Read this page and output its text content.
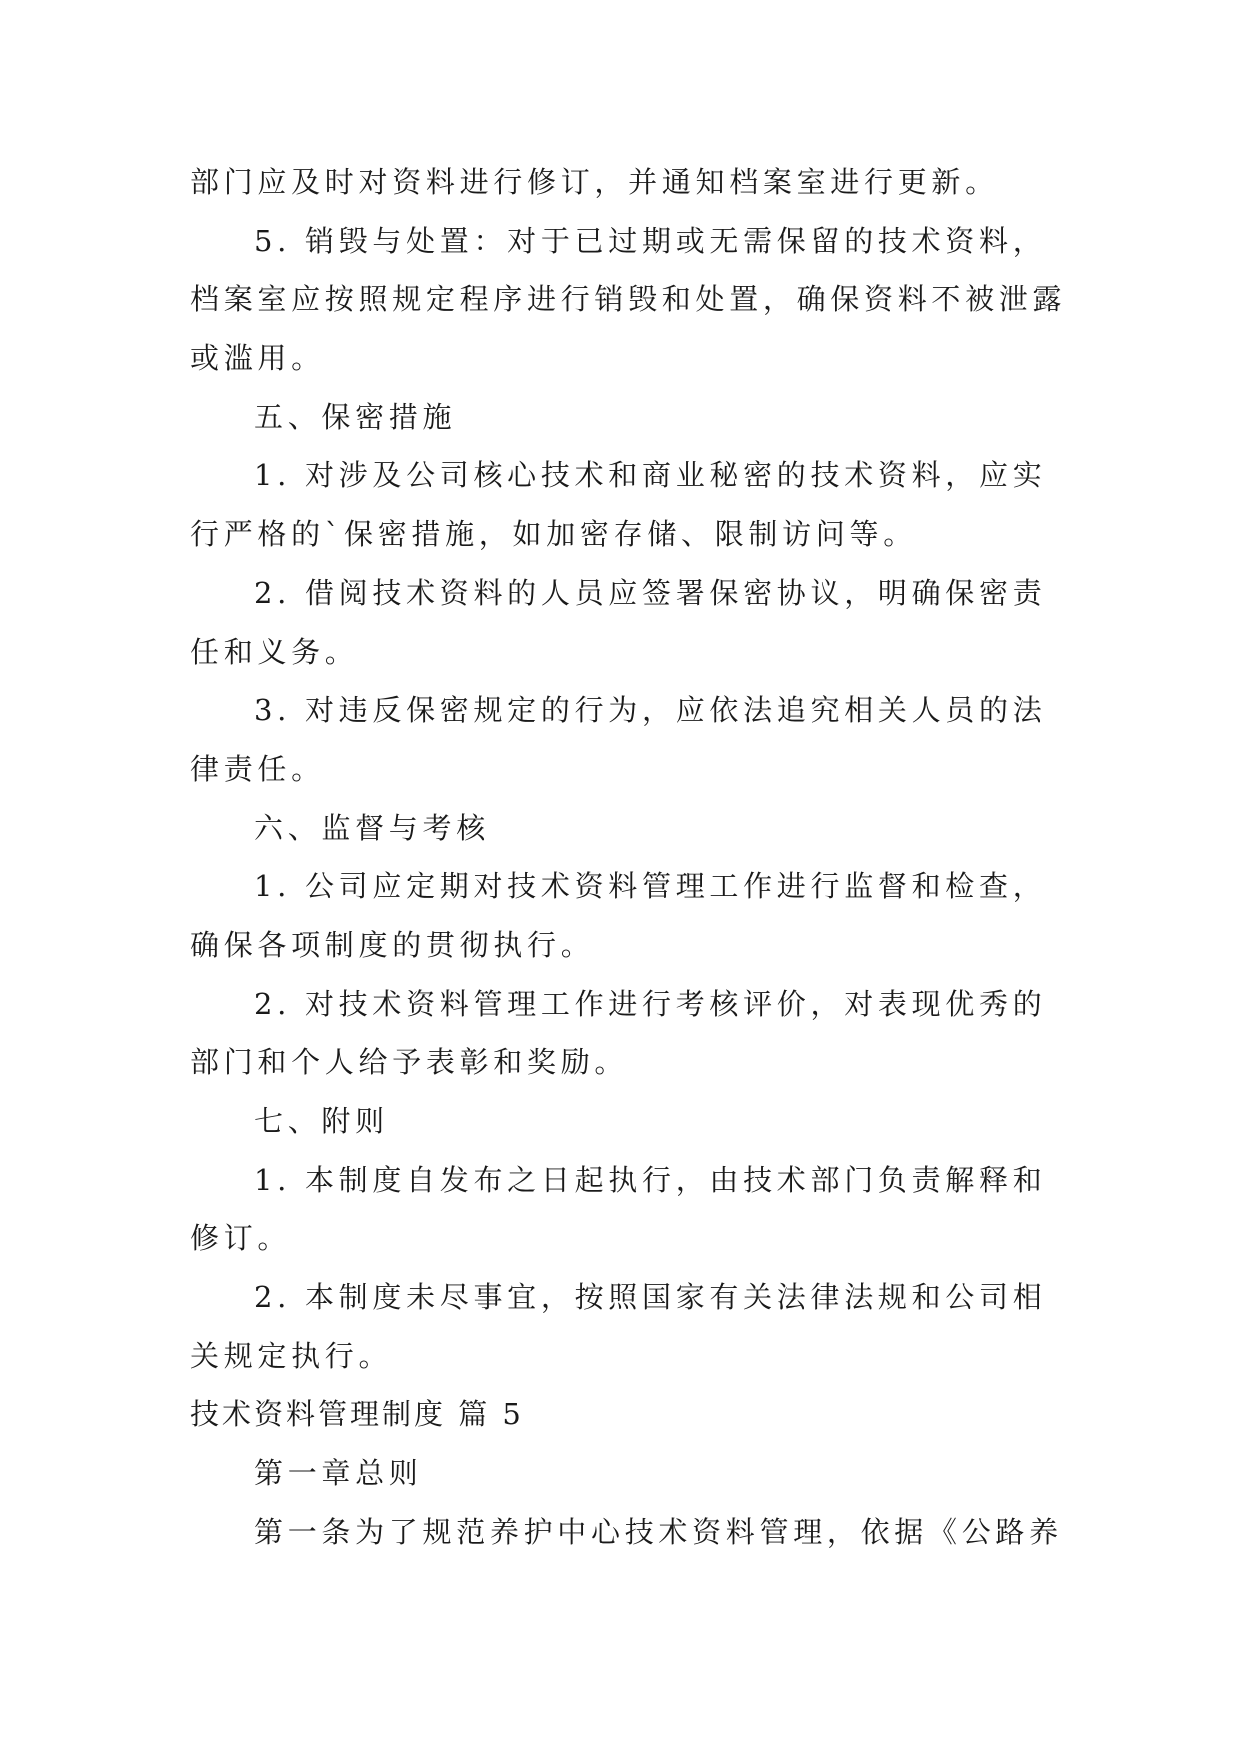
部门应及时对资料进行修订，并通知档案室进行更新。

5. 销毁与处置：对于已过期或无需保留的技术资料，

档案室应按照规定程序进行销毁和处置，确保资料不被泄露

或滥用。

五、保密措施

1. 对涉及公司核心技术和商业秘密的技术资料，应实

行严格的`保密措施，如加密存储、限制访问等。

2. 借阅技术资料的人员应签署保密协议，明确保密责

任和义务。

3. 对违反保密规定的行为，应依法追究相关人员的法

律责任。

六、监督与考核

1. 公司应定期对技术资料管理工作进行监督和检查，

确保各项制度的贯彻执行。

2. 对技术资料管理工作进行考核评价，对表现优秀的

部门和个人给予表彰和奖励。

七、附则

1. 本制度自发布之日起执行，由技术部门负责解释和

修订。

2. 本制度未尽事宜，按照国家有关法律法规和公司相

关规定执行。

技术资料管理制度 篇 5

第一章总则

第一条为了规范养护中心技术资料管理，依据《公路养
